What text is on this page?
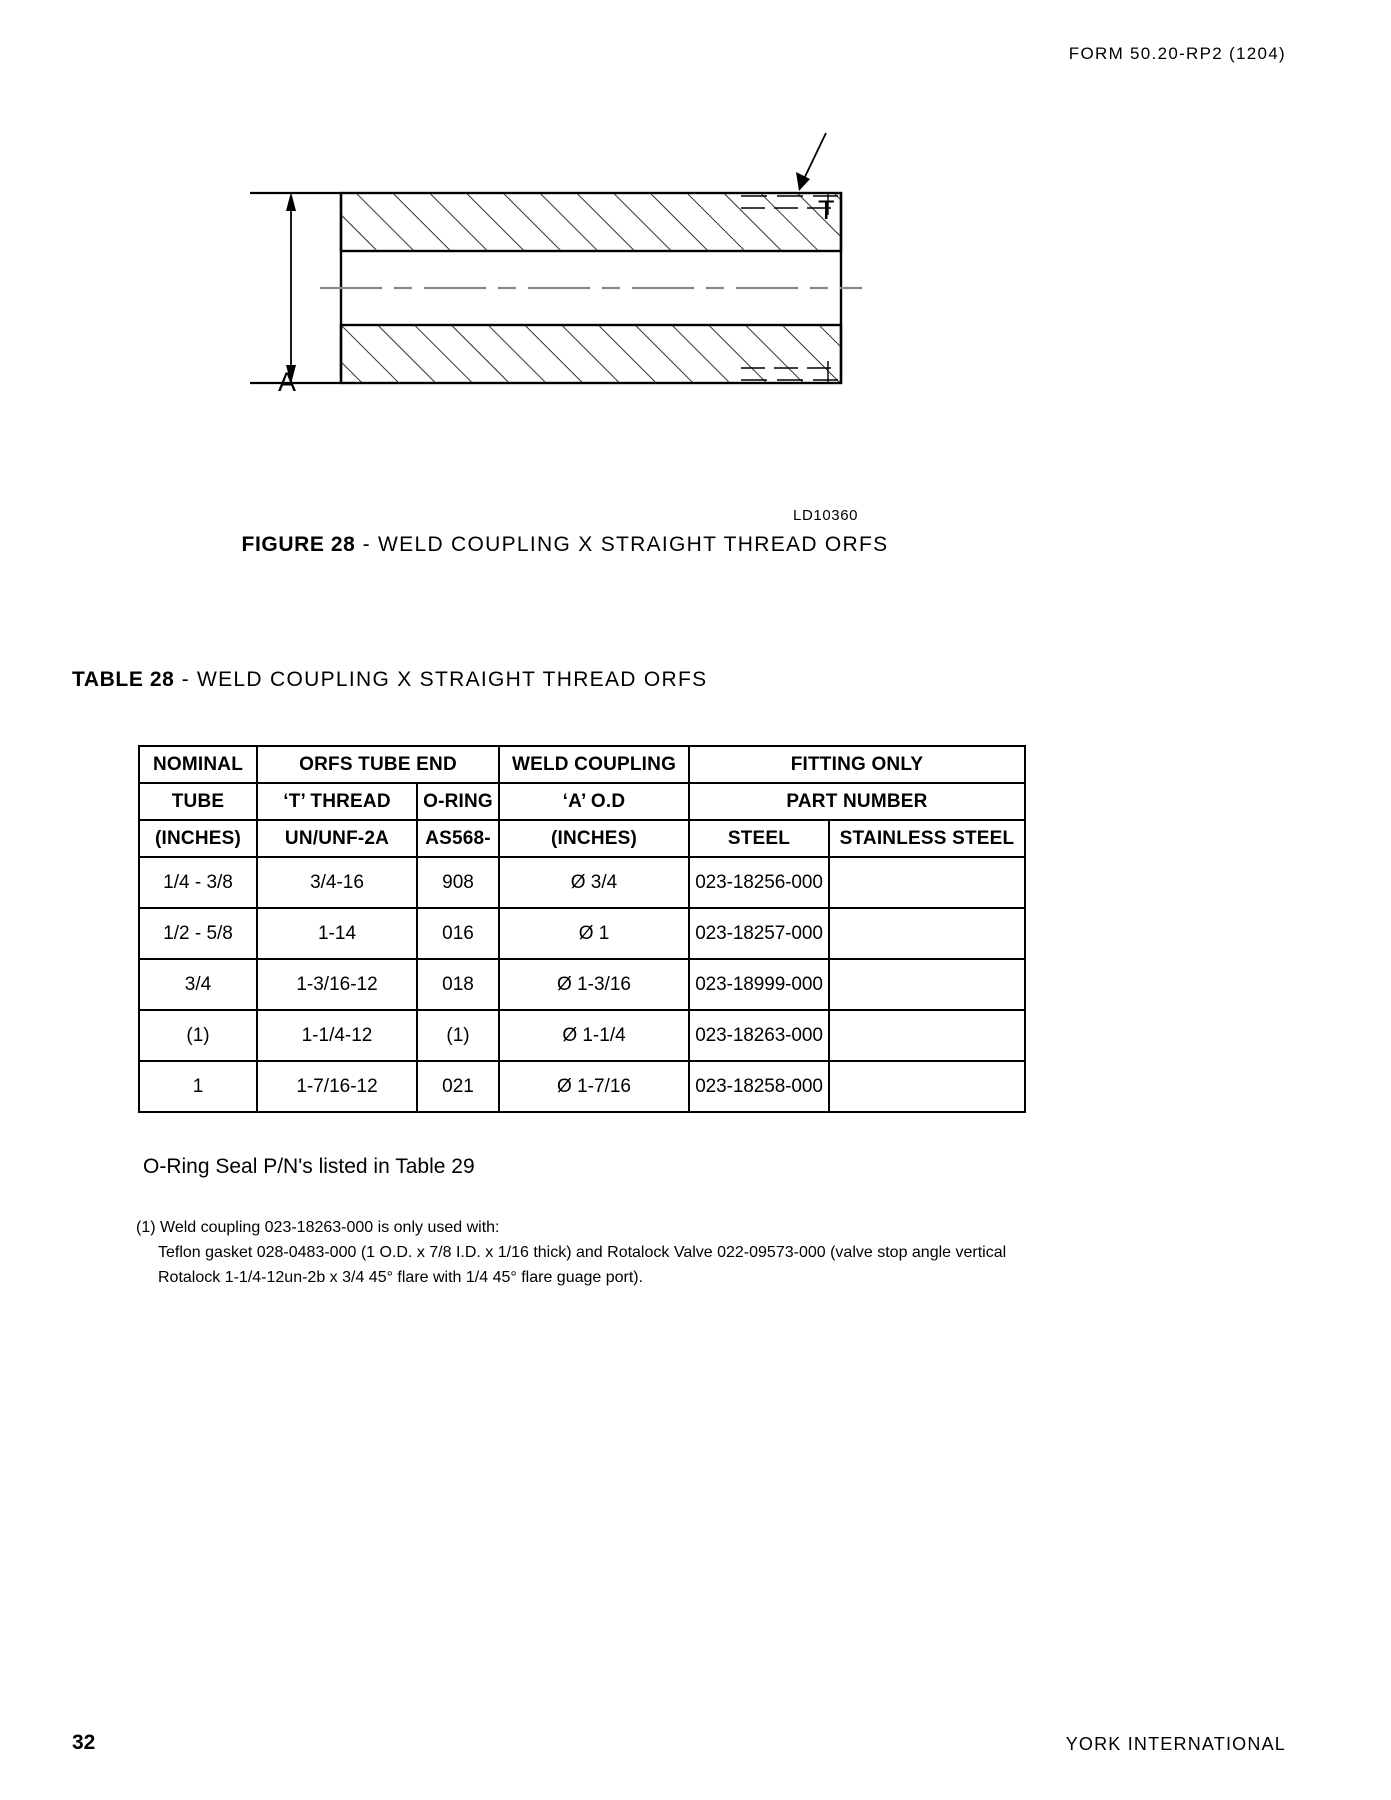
FORM 50.20-RP2 (1204)
T
A
LD10360
FIGURE 28 - WELD COUPLING X STRAIGHT THREAD ORFS
TABLE 28 - WELD COUPLING X STRAIGHT THREAD ORFS
NOMINAL	ORFS TUBE END		WELD COUPLING	FITTING ONLY	
TUBE	‘T’ THREAD	O-RING	‘A’ O.D	PART NUMBER	
(INCHES)	UN/UNF-2A	AS568-	(INCHES)	STEEL	STAINLESS STEEL
1/4 - 3/8	3/4-16	908	Ø 3/4	023-18256-000	
1/2 - 5/8	1-14	016	Ø 1	023-18257-000	
3/4	1-3/16-12	018	Ø 1-3/16	023-18999-000	
(1)	1-1/4-12	(1)	Ø 1-1/4	023-18263-000	
1	1-7/16-12	021	Ø 1-7/16	023-18258-000	
O-Ring Seal P/N's listed in Table 29
(1) Weld coupling 023-18263-000 is only used with:
Teflon gasket 028-0483-000 (1 O.D. x 7/8 I.D. x 1/16 thick) and Rotalock Valve 022-09573-000 (valve stop angle vertical
Rotalock 1-1/4-12un-2b x 3/4 45° flare with 1/4 45° flare guage port).
32	YORK INTERNATIONAL
